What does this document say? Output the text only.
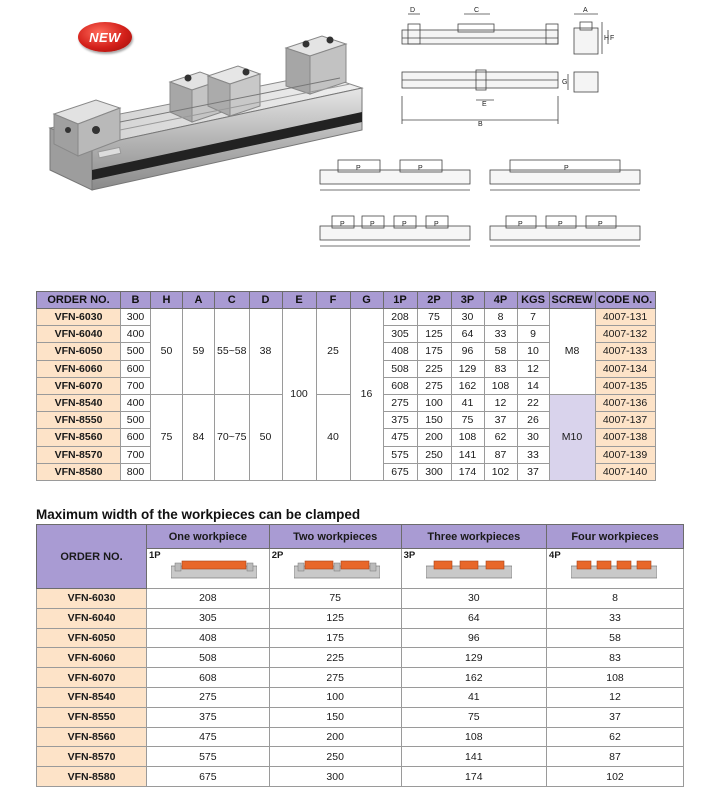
NEW
D	C	A
H F
G
E
B
P	P	P
P	P	P	P	P	P	P
ORDER NO.	B	H	A	C	D	E	F	G	1P	2P	3P	4P	KGS	SCREW	CODE NO.
VFN-6030	300	50	59	55~58	38	100	25	16	208	75	30	8	7	M8	4007-131
VFN-6040	400								305	125	64	33	9		4007-132
VFN-6050	500								408	175	96	58	10		4007-133
VFN-6060	600								508	225	129	83	12		4007-134
VFN-6070	700								608	275	162	108	14		4007-135
VFN-8540	400	75	84	70~75	50		40		275	100	41	12	22	M10	4007-136
VFN-8550	500								375	150	75	37	26		4007-137
VFN-8560	600								475	200	108	62	30		4007-138
VFN-8570	700								575	250	141	87	33		4007-139
VFN-8580	800								675	300	174	102	37		4007-140
Maximum width of the workpieces can be clamped
ORDER NO.	One workpiece	Two workpieces	Three workpieces	Four workpieces

	1P	2P	3P	4P

VFN-6030	208	75	30	8
VFN-6040	305	125	64	33
VFN-6050	408	175	96	58
VFN-6060	508	225	129	83
VFN-6070	608	275	162	108
VFN-8540	275	100	41	12
VFN-8550	375	150	75	37
VFN-8560	475	200	108	62
VFN-8570	575	250	141	87
VFN-8580	675	300	174	102
